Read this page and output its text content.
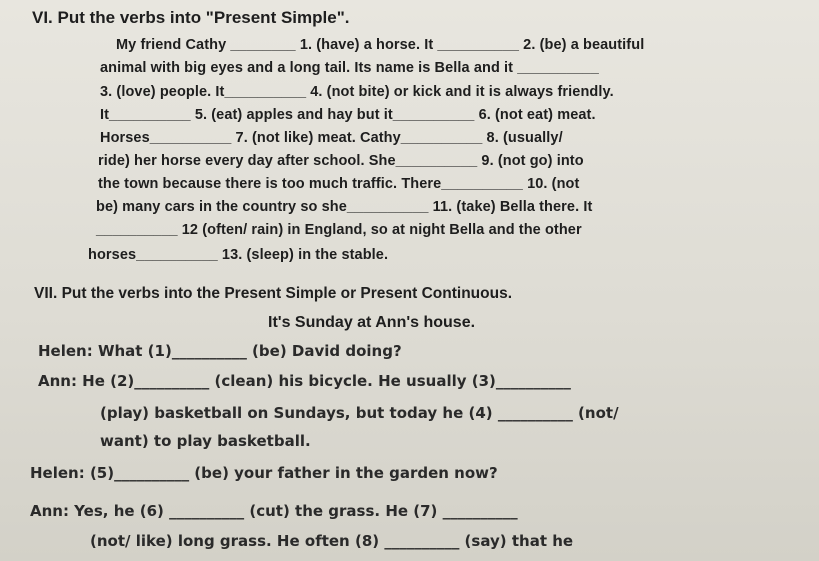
VI. Put the verbs into "Present Simple".
My friend Cathy ________ 1. (have) a horse. It __________ 2. (be) a beautiful
animal with big eyes and a long tail. Its name is Bella and it __________
3. (love) people. It__________ 4. (not bite) or kick and it is always friendly.
It__________ 5. (eat) apples and hay but it__________ 6. (not eat) meat.
Horses__________ 7. (not like) meat. Cathy__________ 8. (usually/
ride) her horse every day after school. She__________ 9. (not go) into
the town because there is too much traffic. There__________ 10. (not
be) many cars in the country so she__________ 11. (take) Bella there. It
__________ 12 (often/ rain) in England, so at night Bella and the other
horses__________ 13. (sleep) in the stable.
VII. Put the verbs into the Present Simple or Present Continuous.
It's Sunday at Ann's house.
Helen: What (1)__________ (be) David doing?
Ann: He (2)__________ (clean) his bicycle. He usually (3)__________
(play) basketball on Sundays, but today he (4) __________ (not/
want) to play basketball.
Helen: (5)__________ (be) your father in the garden now?
Ann: Yes, he (6) __________ (cut) the grass. He (7) __________
(not/ like) long grass. He often (8) __________ (say) that he
